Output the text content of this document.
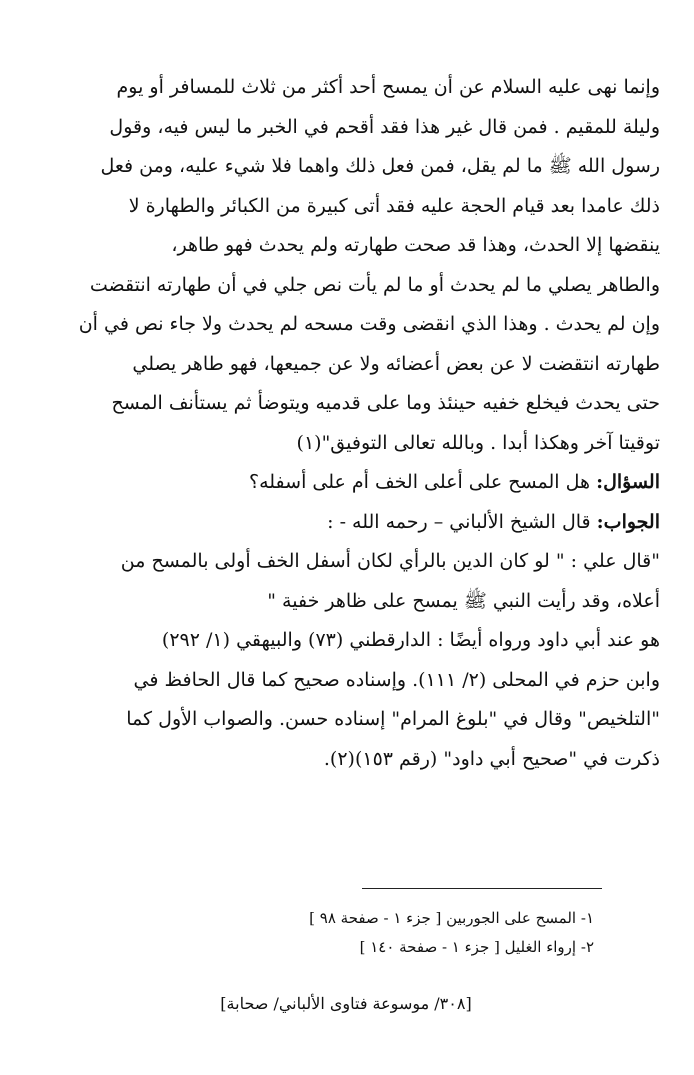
وإنما نهى عليه السلام عن أن يمسح أحد أكثر من ثلاث للمسافر أو يوم
وليلة للمقيم . فمن قال غير هذا فقد أقحم في الخبر ما ليس فيه، وقول
رسول الله ﷺ ما لم يقل، فمن فعل ذلك واهما فلا شيء عليه، ومن فعل
ذلك عامدا بعد قيام الحجة عليه فقد أتى كبيرة من الكبائر والطهارة لا
ينقضها إلا الحدث، وهذا قد صحت طهارته ولم يحدث فهو طاهر،
والطاهر يصلي ما لم يحدث أو ما لم يأت نص جلي في أن طهارته انتقضت
وإن لم يحدث . وهذا الذي انقضى وقت مسحه لم يحدث ولا جاء نص في أن
طهارته انتقضت لا عن بعض أعضائه ولا عن جميعها، فهو طاهر يصلي
حتى يحدث فيخلع خفيه حينئذ وما على قدميه ويتوضأ ثم يستأنف المسح
توقيتا آخر وهكذا أبدا . وبالله تعالى التوفيق"(١)
السؤال: هل المسح على أعلى الخف أم على أسفله؟
الجواب: قال الشيخ الألباني – رحمه الله - :
"قال علي : " لو كان الدين بالرأي لكان أسفل الخف أولى بالمسح من
أعلاه، وقد رأيت النبي ﷺ يمسح على ظاهر خفية "
هو عند أبي داود ورواه أيضًا : الدارقطني (٧٣) والبيهقي (١/ ٢٩٢)
وابن حزم في المحلى (٢/ ١١١). وإسناده صحيح كما قال الحافظ في
"التلخيص" وقال في "بلوغ المرام" إسناده حسن. والصواب الأول كما
ذكرت في "صحيح أبي داود" (رقم ١٥٣)(٢).
١- المسح على الجوربين [ جزء ١ - صفحة ٩٨ ]
٢- إرواء الغليل [ جزء ١ - صفحة ١٤٠ ]
[٣٠٨/ موسوعة فتاوى الألباني/ صحابة]
